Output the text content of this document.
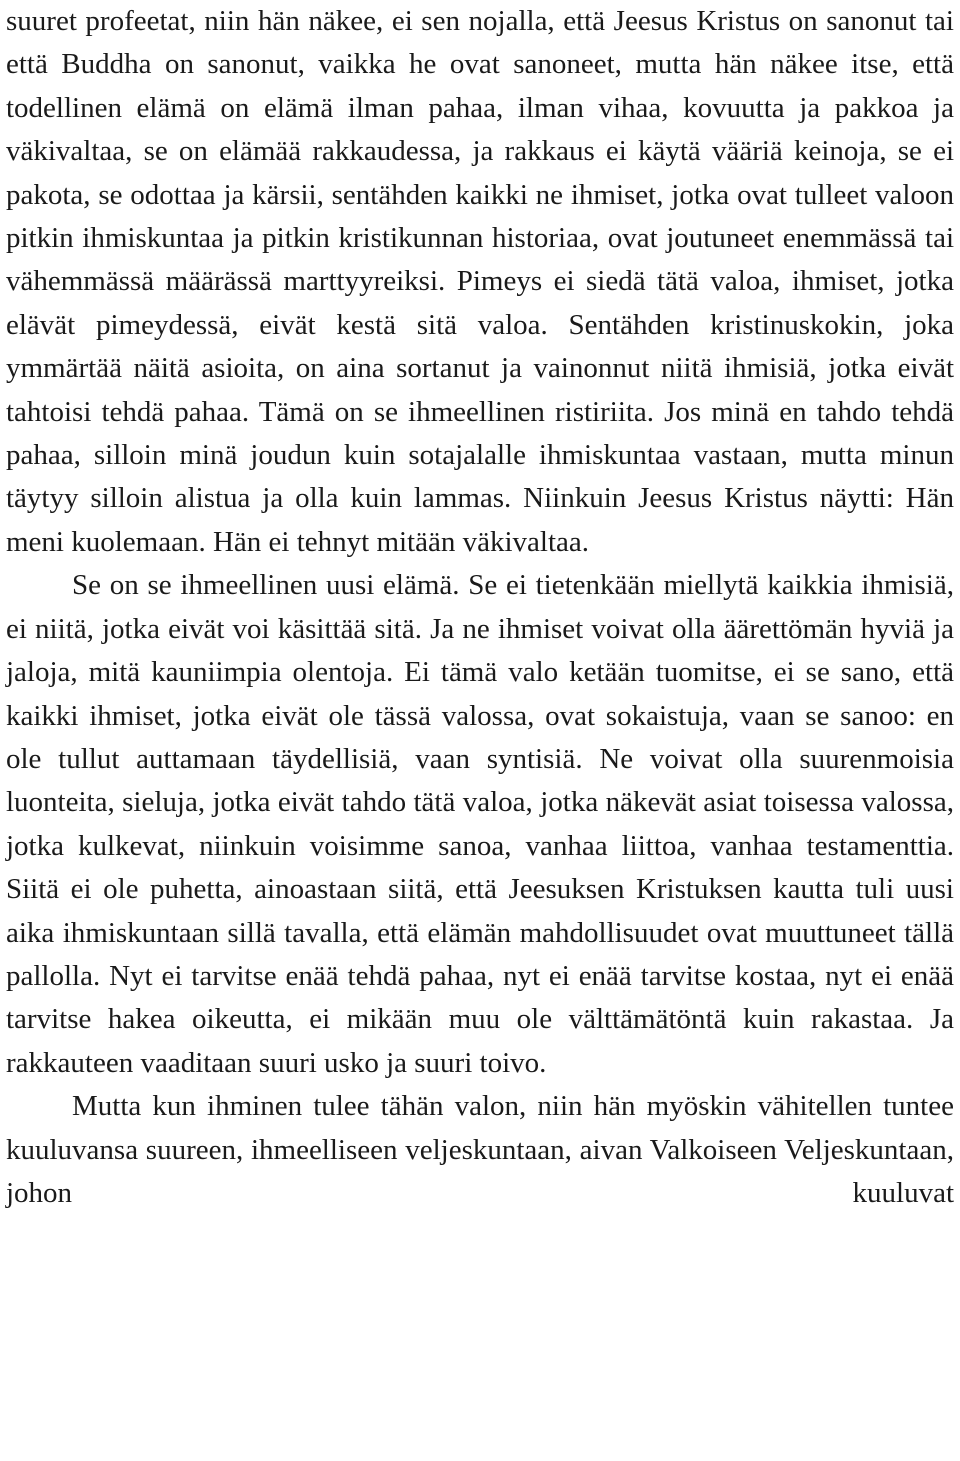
suuret profeetat, niin hän näkee, ei sen nojalla, että Jeesus Kristus on sanonut tai että Buddha on sanonut, vaikka he ovat sanoneet, mutta hän näkee itse, että todellinen elämä on elämä ilman pahaa, ilman vihaa, kovuutta ja pakkoa ja väkivaltaa, se on elämää rakkaudessa, ja rakkaus ei käytä vääriä keinoja, se ei pakota, se odottaa ja kärsii, sentähden kaikki ne ihmiset, jotka ovat tulleet valoon pitkin ihmiskuntaa ja pitkin kristikunnan historiaa, ovat joutuneet enemmässä tai vähemmässä määrässä marttyyreiksi. Pimeys ei siedä tätä valoa, ihmiset, jotka elävät pimeydessä, eivät kestä sitä valoa. Sentähden kristinuskokin, joka ymmärtää näitä asioita, on aina sortanut ja vainonnut niitä ihmisiä, jotka eivät tahtoisi tehdä pahaa. Tämä on se ihmeellinen ristiriita. Jos minä en tahdo tehdä pahaa, silloin minä joudun kuin sotajalalle ihmiskuntaa vastaan, mutta minun täytyy silloin alistua ja olla kuin lammas. Niinkuin Jeesus Kristus näytti: Hän meni kuolemaan. Hän ei tehnyt mitään väkivaltaa.

Se on se ihmeellinen uusi elämä. Se ei tietenkään miellytä kaikkia ihmisiä, ei niitä, jotka eivät voi käsittää sitä. Ja ne ihmiset voivat olla äärettömän hyviä ja jaloja, mitä kauniimpia olentoja. Ei tämä valo ketään tuomitse, ei se sano, että kaikki ihmiset, jotka eivät ole tässä valossa, ovat sokaistuja, vaan se sanoo: en ole tullut auttamaan täydellisiä, vaan syntisiä. Ne voivat olla suurenmoisia luonteita, sieluja, jotka eivät tahdo tätä valoa, jotka näkevät asiat toisessa valossa, jotka kulkevat, niinkuin voisimme sanoa, vanhaa liittoa, vanhaa testamenttia. Siitä ei ole puhetta, ainoastaan siitä, että Jeesuksen Kristuksen kautta tuli uusi aika ihmiskuntaan sillä tavalla, että elämän mahdollisuudet ovat muuttuneet tällä pallolla. Nyt ei tarvitse enää tehdä pahaa, nyt ei enää tarvitse kostaa, nyt ei enää tarvitse hakea oikeutta, ei mikään muu ole välttämätöntä kuin rakastaa. Ja rakkauteen vaaditaan suuri usko ja suuri toivo.

Mutta kun ihminen tulee tähän valon, niin hän myöskin vähitellen tuntee kuuluvansa suureen, ihmeelliseen veljeskuntaan, aivan Valkoiseen Veljeskuntaan, johon kuuluvat
